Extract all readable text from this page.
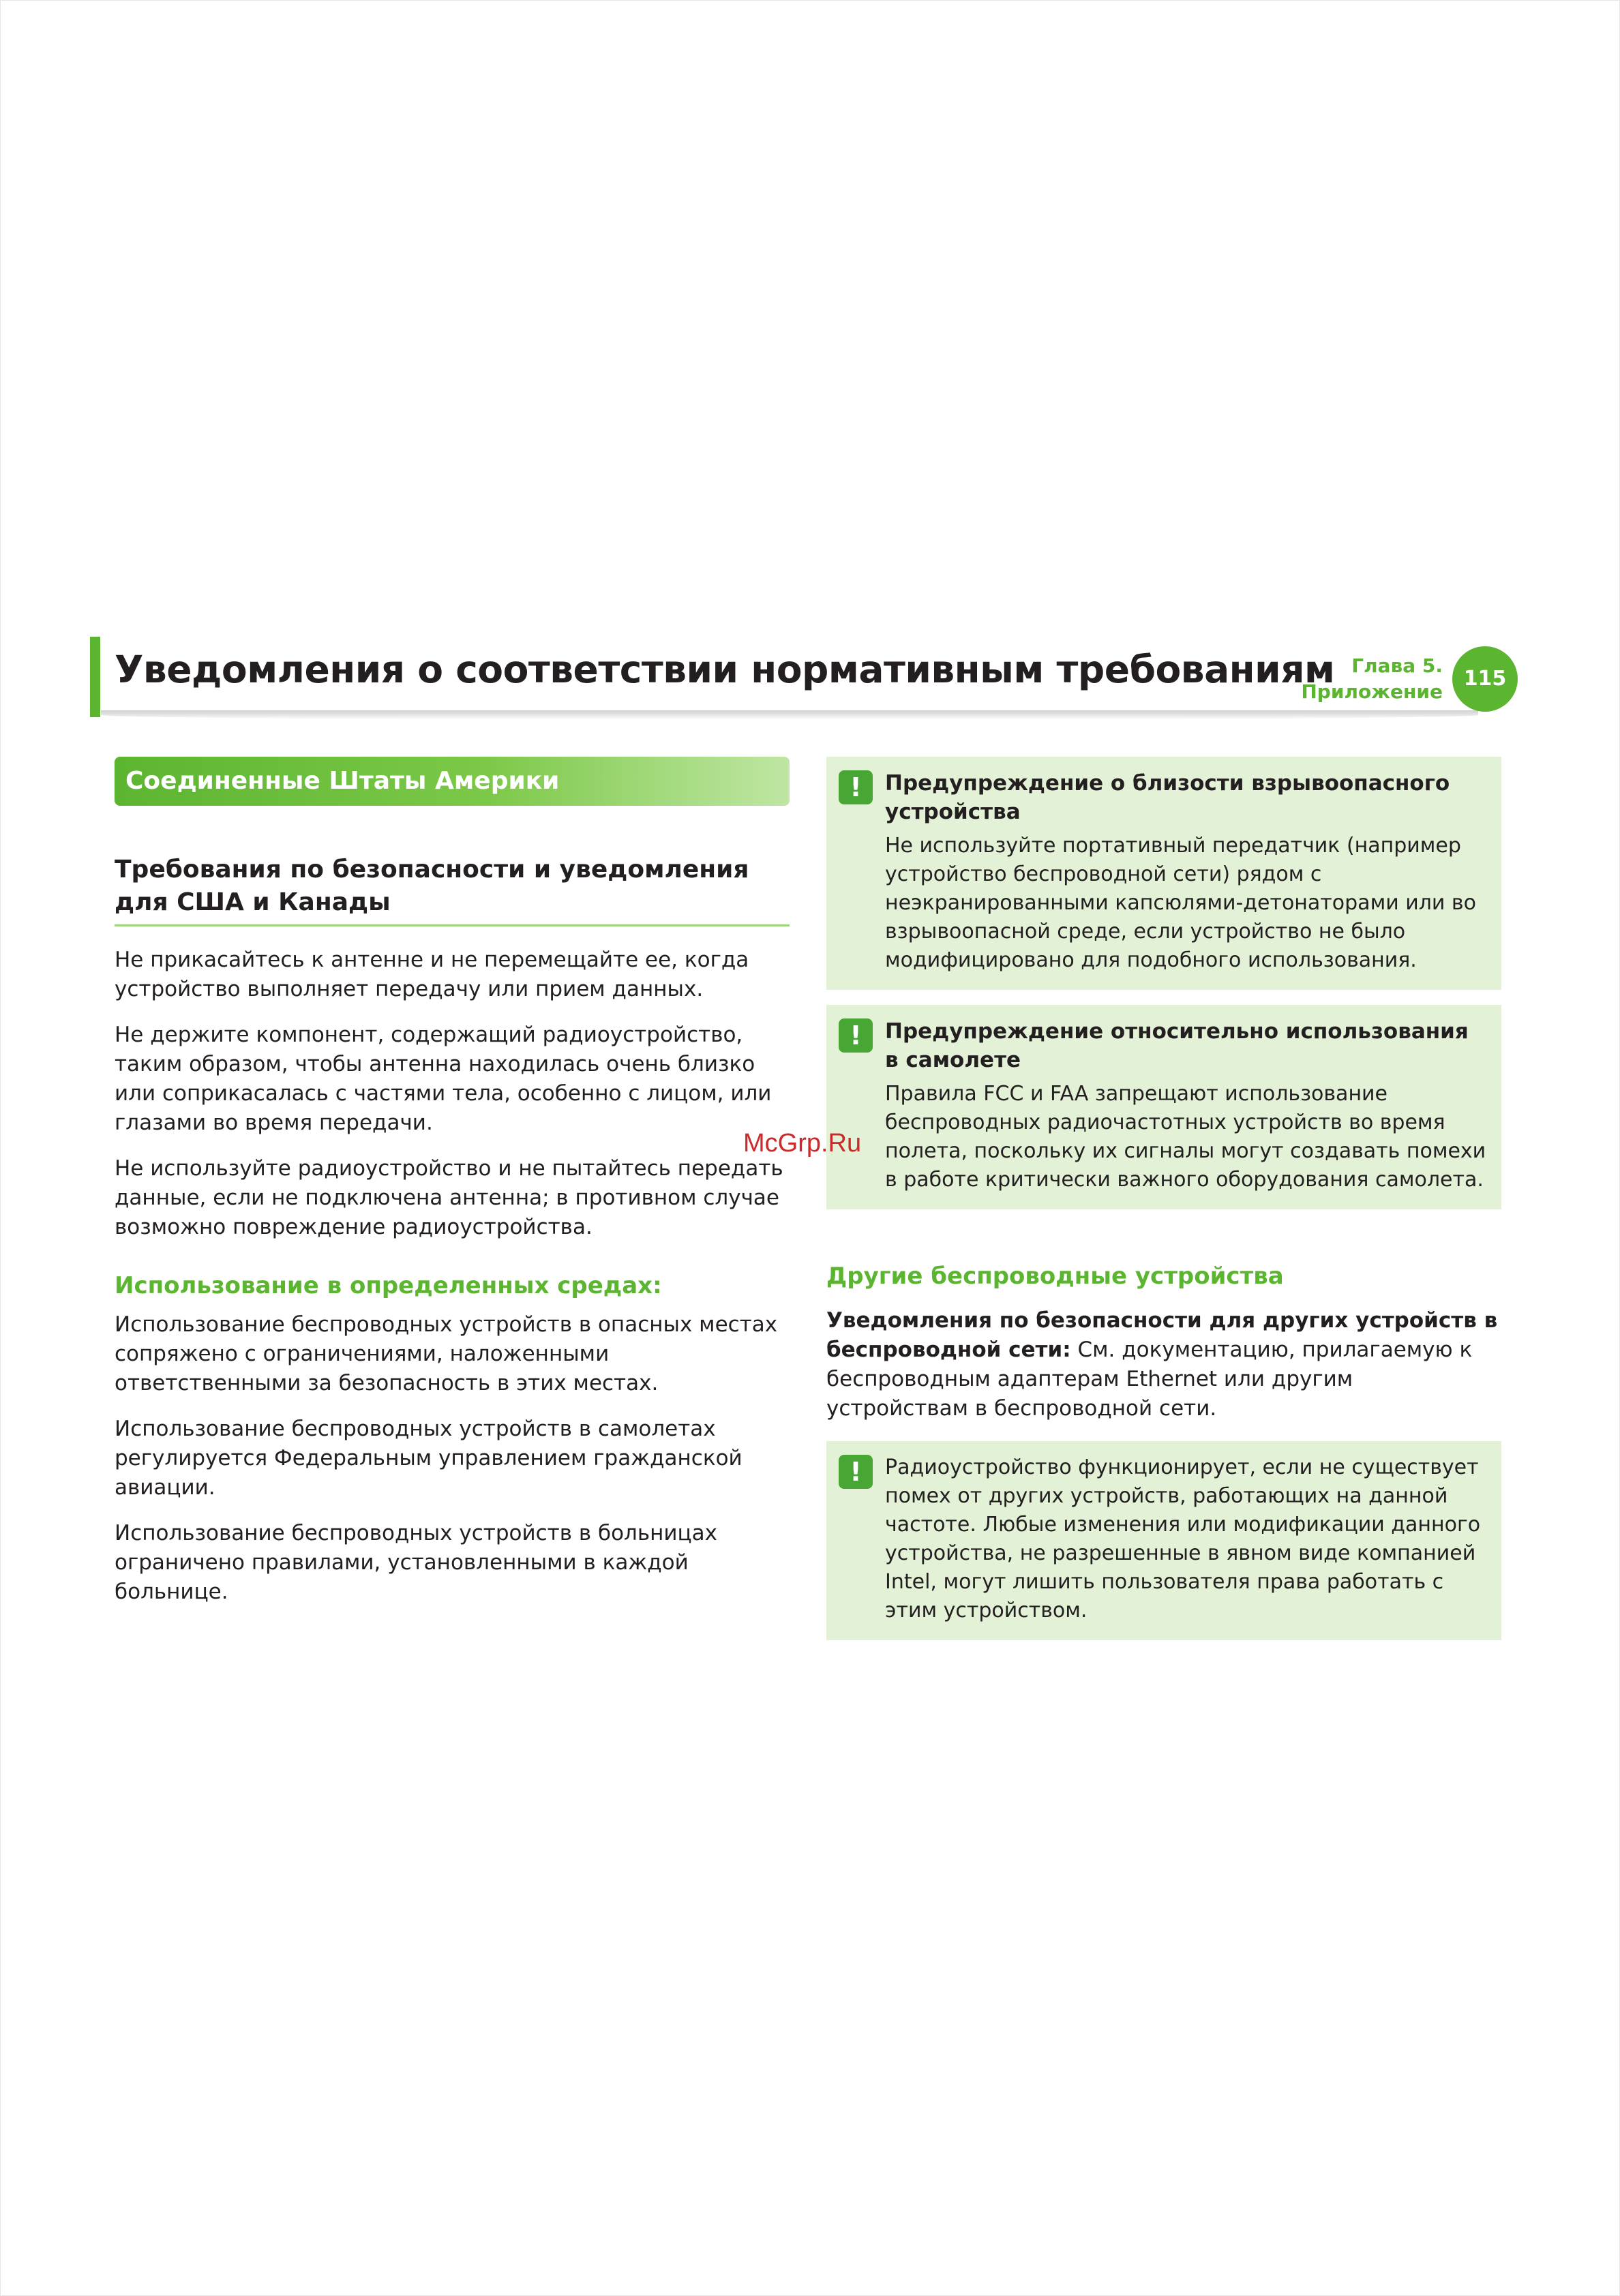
Уведомления о соответствии нормативным требованиям Глава 5.
Приложение
115
Соединенные Штаты Америки
Требования по безопасности и уведомления для США и Канады

Не прикасайтесь к антенне и не перемещайте ее, когда устройство выполняет передачу или прием данных.

Не держите компонент, содержащий радиоустройство, таким образом, чтобы антенна находилась очень близко или соприкасалась с частями тела, особенно с лицом, или глазами во время передачи.

Не используйте радиоустройство и не пытайтесь передать данные, если не подключена антенна; в противном случае возможно повреждение радиоустройства.

Использование в определенных средах:

Использование беспроводных устройств в опасных местах сопряжено с ограничениями, наложенными ответственными за безопасность в этих местах.

Использование беспроводных устройств в самолетах регулируется Федеральным управлением гражданской авиации.

Использование беспроводных устройств в больницах ограничено правилами, установленными в каждой больнице.

!	Предупреждение о близости взрывоопасного устройства
Не используйте портативный передатчик (например устройство беспроводной сети) рядом с неэкранированными капсюлями-детонаторами или во взрывоопасной среде, если устройство не было модифицировано для подобного использования.
!	Предупреждение относительно использования в самолете
Правила FCC и FAA запрещают использование беспроводных радиочастотных устройств во время полета, поскольку их сигналы могут создавать помехи в работе критически важного оборудования самолета.
Другие беспроводные устройства
Уведомления по безопасности для других устройств в беспроводной сети: См. документацию, прилагаемую к беспроводным адаптерам Ethernet или другим устройствам в беспроводной сети.
!	Радиоустройство функционирует, если не существует помех от других устройств, работающих на данной частоте. Любые изменения или модификации данного устройства, не разрешенные в явном виде компанией Intel, могут лишить пользователя права работать с этим устройством.
McGrp.Ru
